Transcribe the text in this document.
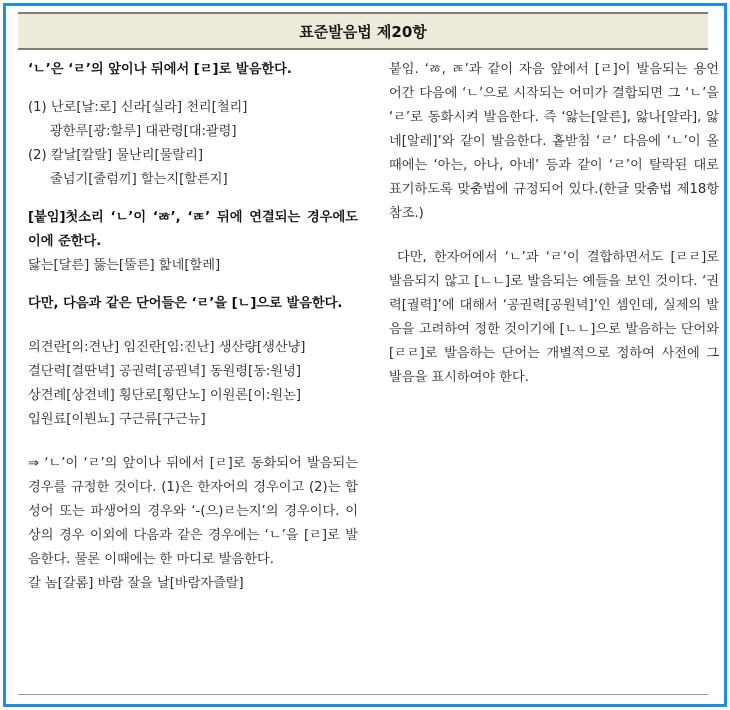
표준발음법 제20항

‘ㄴ’은 ‘ㄹ’의 앞이나 뒤에서 [ㄹ]로 발음한다.

(1) 난로[날:로] 신라[실라] 천리[철리]

광한루[광:할루] 대관령[대:괄령]

(2) 칼날[칼랄] 물난리[물랄리]

줄넘기[줄럼끼] 할는지[할른지]

[붙임]첫소리 ‘ㄴ’이 ‘ㅀ’, ‘ㄾ’ 뒤에 연결되는 경우에도 이에 준한다.

닳는[달른] 뚫는[뚤른] 핥네[할레]

다만, 다음과 같은 단어들은 ‘ㄹ’을 [ㄴ]으로 발음한다.

의견란[의:견난] 임진란[임:진난] 생산량[생산냥]

결단력[결딴녁] 공권력[공꿘녁] 동원령[동:원녕]

상견례[상견녜] 횡단로[횡단노] 이원론[이:원논]

입원료[이붠뇨] 구근류[구근뉴]

⇒ ‘ㄴ’이 ‘ㄹ’의 앞이나 뒤에서 [ㄹ]로 동화되어 발음되는 경우를 규정한 것이다. (1)은 한자어의 경우이고 (2)는 합성어 또는 파생어의 경우와 ‘-(으)ㄹ는지’의 경우이다. 이상의 경우 이외에 다음과 같은 경우에는 ‘ㄴ’을 [ㄹ]로 발음한다. 물론 이때에는 한 마디로 발음한다.

갈 놈[갈롬] 바람 잘을 날[바람자즐랄]

붙임. ‘ㅀ, ㄾ’과 같이 자음 앞에서 [ㄹ]이 발음되는 용언 어간 다음에 ‘ㄴ’으로 시작되는 어미가 결합되면 그 ‘ㄴ’을 ‘ㄹ’로 동화시켜 발음한다. 즉 ‘앓는[알른], 앓나[알라], 앓네[알레]’와 같이 발음한다. 홑받침 ‘ㄹ’ 다음에 ‘ㄴ’이 올 때에는 ‘아는, 아나, 아네’ 등과 같이 ‘ㄹ’이 탈락된 대로 표기하도록 맞춤법에 규정되어 있다.(한글 맞춤법 제18항 참조.)

다만, 한자어에서 ‘ㄴ’과 ‘ㄹ’이 결합하면서도 [ㄹㄹ]로 발음되지 않고 [ㄴㄴ]로 발음되는 예들을 보인 것이다. ‘권력[궐력]’에 대해서 ‘공권력[공원녁]’인 셈인데, 실제의 발음을 고려하여 정한 것이기에 [ㄴㄴ]으로 발음하는 단어와 [ㄹㄹ]로 발음하는 단어는 개별적으로 정하여 사전에 그 발음을 표시하여야 한다.
